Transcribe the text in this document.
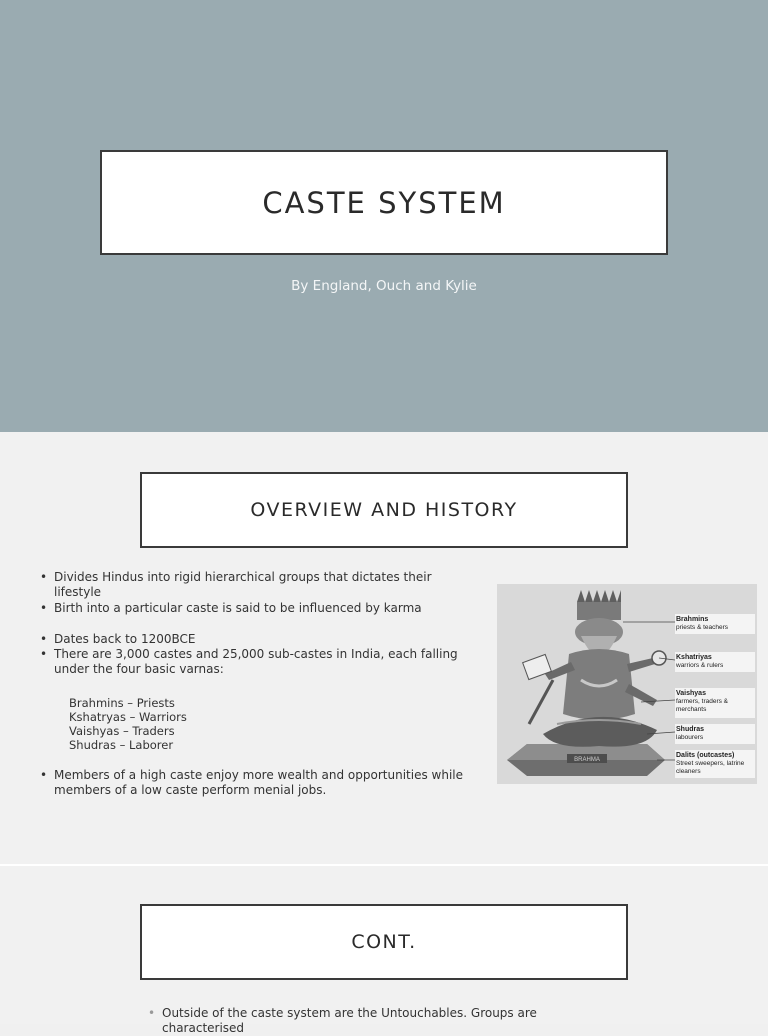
CASTE SYSTEM
By England, Ouch and Kylie
OVERVIEW AND HISTORY
• Divides Hindus into rigid hierarchical groups that dictates their lifestyle
• Birth into a particular caste is said to be influenced by karma
• Dates back to 1200BCE
• There are 3,000 castes and 25,000 sub-castes in India, each falling under the four basic varnas:
Brahmins – Priests
Kshatryas – Warriors
Vaishyas – Traders
Shudras – Laborer
• Members of a high caste enjoy more wealth and opportunities while members of a low caste perform menial jobs.
BRAHMA
Brahmins
priests & teachers
Kshatriyas
warriors & rulers
Vaishyas
farmers, traders & merchants
Shudras
labourers
Dalits (outcastes)
Street sweepers, latrine cleaners
CONT.
• Outside of the caste system are the Untouchables. Groups are characterised
